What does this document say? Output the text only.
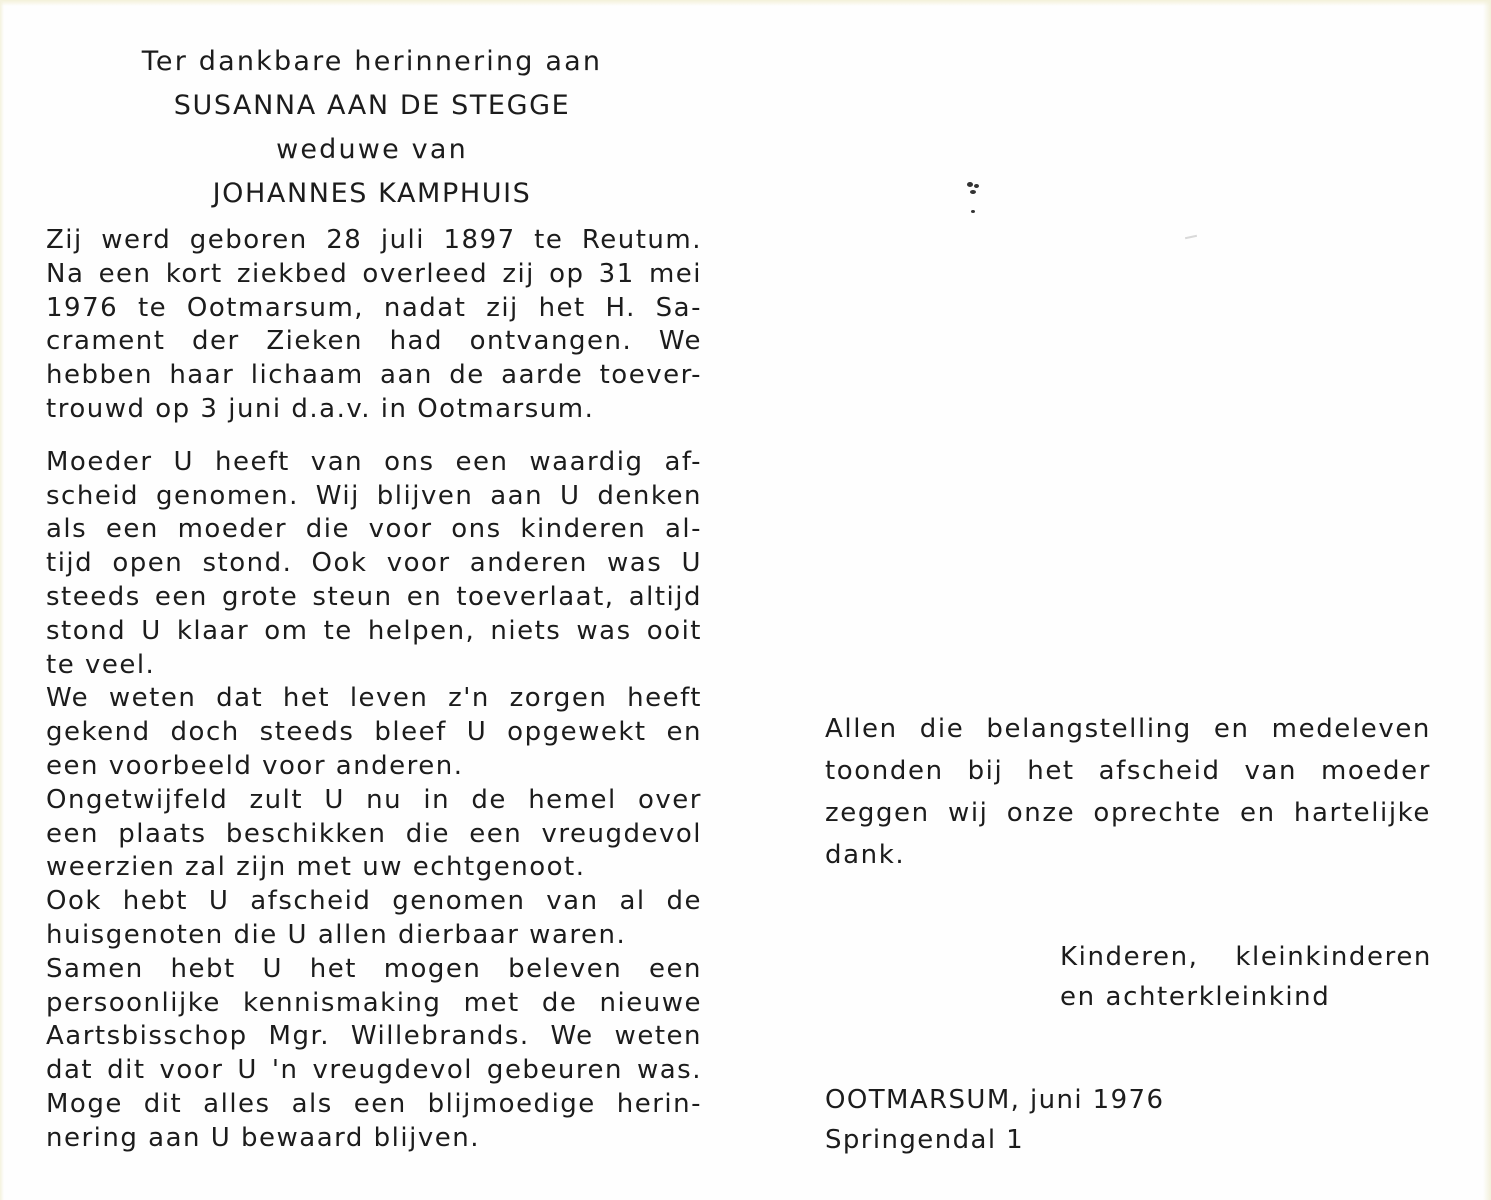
Ter dankbare herinnering aan
SUSANNA AAN DE STEGGE
weduwe van
JOHANNES KAMPHUIS
Zij werd geboren 28 juli 1897 te Reutum.
Na een kort ziekbed overleed zij op 31 mei
1976 te Ootmarsum, nadat zij het H. Sa-
crament der Zieken had ontvangen. We
hebben haar lichaam aan de aarde toever-
trouwd op 3 juni d.a.v. in Ootmarsum.
Moeder U heeft van ons een waardig af-
scheid genomen. Wij blijven aan U denken
als een moeder die voor ons kinderen al-
tijd open stond. Ook voor anderen was U
steeds een grote steun en toeverlaat, altijd
stond U klaar om te helpen, niets was ooit
te veel.
We weten dat het leven z'n zorgen heeft
gekend doch steeds bleef U opgewekt en
een voorbeeld voor anderen.
Ongetwijfeld zult U nu in de hemel over
een plaats beschikken die een vreugdevol
weerzien zal zijn met uw echtgenoot.
Ook hebt U afscheid genomen van al de
huisgenoten die U allen dierbaar waren.
Samen hebt U het mogen beleven een
persoonlijke kennismaking met de nieuwe
Aartsbisschop Mgr. Willebrands. We weten
dat dit voor U 'n vreugdevol gebeuren was.
Moge dit alles als een blijmoedige herin-
nering aan U bewaard blijven.
Allen die belangstelling en medeleven
toonden bij het afscheid van moeder
zeggen wij onze oprechte en hartelijke
dank.
Kinderen, kleinkinderen
en achterkleinkind
OOTMARSUM, juni 1976
Springendal 1
